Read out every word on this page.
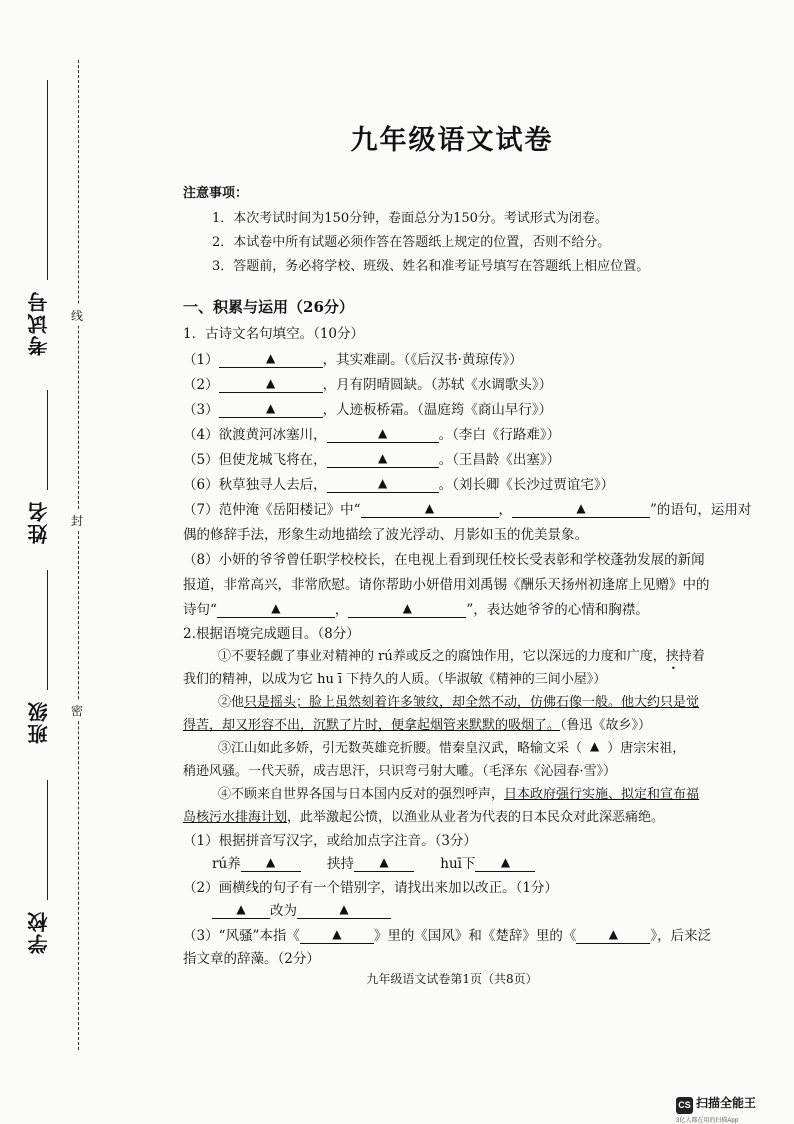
考试号
姓名
班级
学校
线
封
密
九年级语文试卷
注意事项：
1．本次考试时间为150分钟，卷面总分为150分。考试形式为闭卷。
2．本试卷中所有试题必须作答在答题纸上规定的位置，否则不给分。
3．答题前，务必将学校、班级、姓名和准考证号填写在答题纸上相应位置。
一、积累与运用（26分）
1．古诗文名句填空。（10分）
（1）	▲	，其实难副。（《后汉书·黄琼传》）
（2）	▲	，月有阴晴圆缺。（苏轼《水调歌头》）
（3）	▲	，人迹板桥霜。（温庭筠《商山早行》）
（4）欲渡黄河冰塞川，	▲	。（李白《行路难》）
（5）但使龙城飞将在，	▲	。（王昌龄《出塞》）
（6）秋草独寻人去后，	▲	。（刘长卿《长沙过贾谊宅》）
（7）范仲淹《岳阳楼记》中“	▲	，	▲	”的语句，运用对
偶的修辞手法，形象生动地描绘了波光浮动、月影如玉的优美景象。
（8）小妍的爷爷曾任职学校校长，在电视上看到现任校长受表彰和学校蓬勃发展的新闻
报道，非常高兴，非常欣慰。请你帮助小妍借用刘禹锡《酬乐天扬州初逢席上见赠》中的
诗句“	▲	，	▲	”，表达她爷爷的心情和胸襟。
2.根据语境完成题目。（8分）
①不要轻觑了事业对精神的 rú养或反之的腐蚀作用，它以深远的力度和广度，挟持着
我们的精神，以成为它 hu ī 下持久的人质。（毕淑敏《精神的三间小屋》）
②他只是摇头；脸上虽然刻着许多皱纹，却全然不动，仿佛石像一般。他大约只是觉
得苦，却又形容不出，沉默了片时，便拿起烟管来默默的吸烟了。（鲁迅《故乡》）
③江山如此多娇，引无数英雄竞折腰。惜秦皇汉武，略输文采（ ▲ ）唐宗宋祖，
稍逊风骚。一代天骄，成吉思汗，只识弯弓射大雕。（毛泽东《沁园春·雪》）
④不顾来自世界各国与日本国内反对的强烈呼声，日本政府强行实施、拟定和宣布福
岛核污水排海计划，此举激起公愤，以渔业从业者为代表的日本民众对此深恶痛绝。
（1）根据拼音写汉字，或给加点字注音。（3分）
rú养 ▲	挟持 ▲	huī下 ▲
（2）画横线的句子有一个错别字，请找出来加以改正。（1分）
▲ 改为	▲
（3）“风骚”本指《	▲ 》里的《国风》和《楚辞》里的《	▲ 》，后来泛
指文章的辞藻。（2分）
九年级语文试卷第1页（共8页）
CS $^{扫描全能王}$
3亿人都在用的扫描App
